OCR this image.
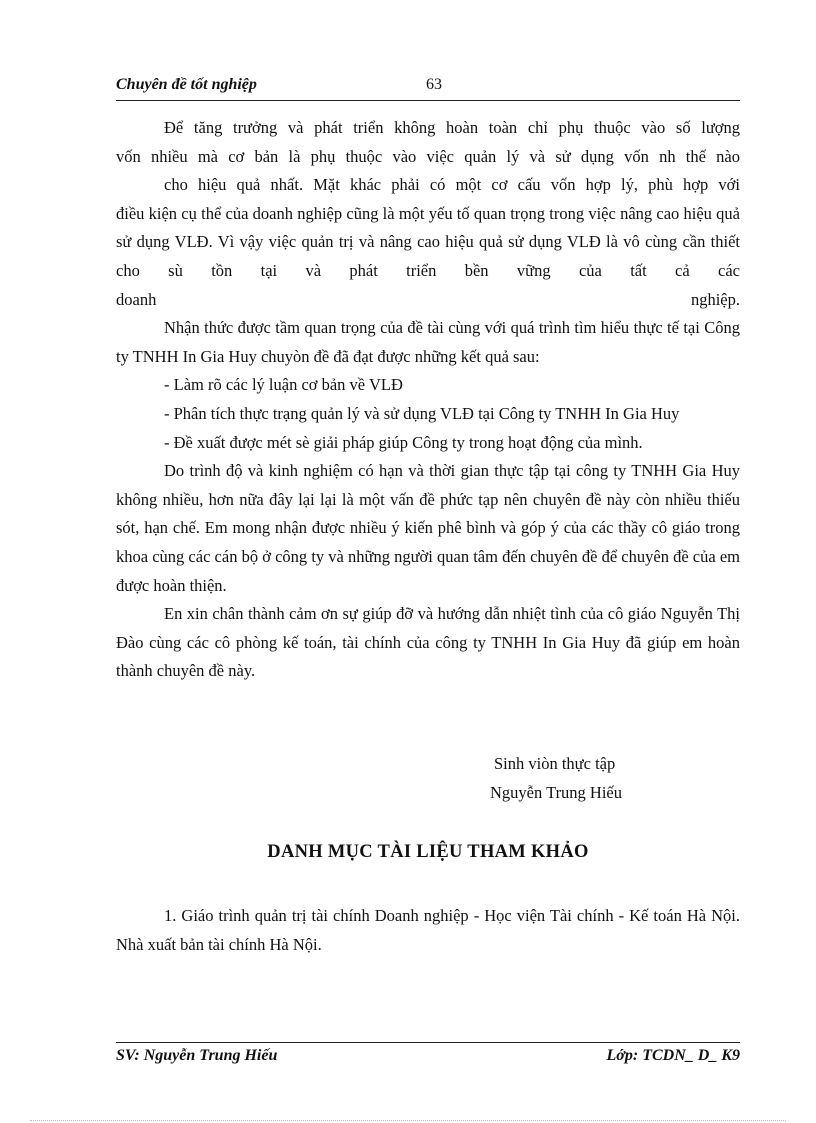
Chuyên đề tốt nghiệp	63
Để tăng trưởng và phát triển không hoàn toàn chỉ phụ thuộc vào số lượng
vốn nhiều mà cơ bản là phụ thuộc vào việc quản lý và sử dụng vốn nh thế nào
cho hiệu quả nhất. Mặt khác phải có một cơ cấu vốn hợp lý, phù hợp với

điều kiện cụ thể của doanh nghiệp cũng là một yếu tố quan trọng trong việc nâng cao hiệu quả sử dụng VLĐ. Vì vậy việc quản trị và nâng cao hiệu quả sử dụng VLĐ là vô cùng cần thiết cho sù tồn tại và phát triển bền vững của tất cả các

doanh	nghiệp.

Nhận thức được tầm quan trọng của đề tài cùng với quá trình tìm hiểu thực tế tại Công ty TNHH In Gia Huy chuyòn đề đã đạt được những kết quả sau:

- Làm rõ các lý luận cơ bản về VLĐ

- Phân tích thực trạng quản lý và sử dụng VLĐ tại Công ty TNHH In Gia Huy

- Đề xuất được mét sè giải pháp giúp Công ty trong hoạt động của mình.

Do trình độ và kinh nghiệm có hạn và thời gian thực tập tại công ty TNHH Gia Huy không nhiều, hơn nữa đây lại lại là một vấn đề phức tạp nên chuyên đề này còn nhiều thiếu sót, hạn chế. Em mong nhận được nhiều ý kiến phê bình và góp ý của các thầy cô giáo trong khoa cùng các cán bộ ở công ty và những người quan tâm đến chuyên đề để chuyên đề của em được hoàn thiện.

En xin chân thành cảm ơn sự giúp đỡ và hướng dẫn nhiệt tình của cô giáo Nguyễn Thị Đào cùng các cô phòng kế toán, tài chính của công ty TNHH In Gia Huy đã giúp em hoàn thành chuyên đề này.

Sinh viòn thực tập
Nguyễn Trung Hiếu
DANH MỤC TÀI LIỆU THAM KHẢO

1. Giáo trình quản trị tài chính Doanh nghiệp - Học viện Tài chính - Kế toán Hà Nội. Nhà xuất bản tài chính Hà Nội.

SV: Nguyễn Trung Hiếu	Lớp: TCDN_ D_ K9
